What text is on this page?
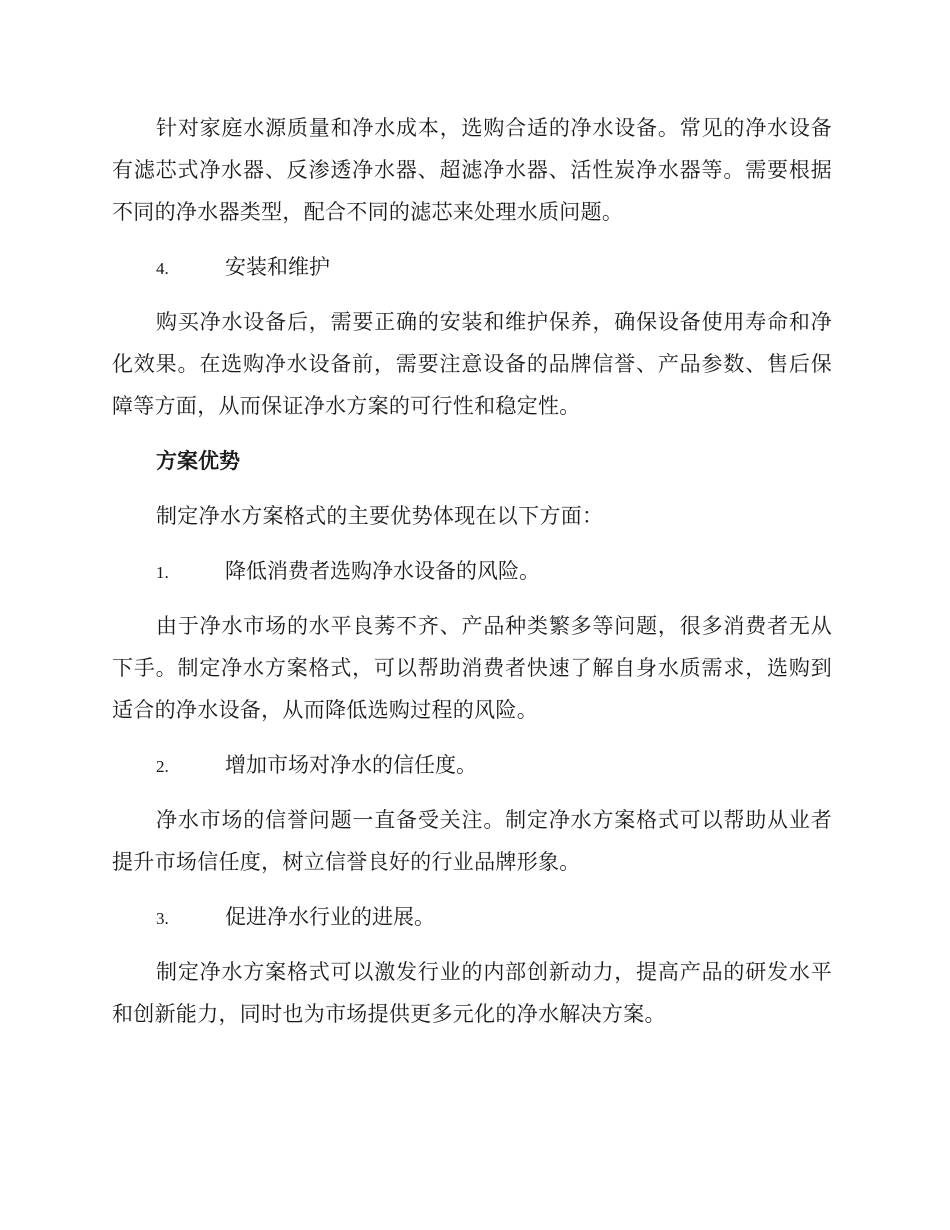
针对家庭水源质量和净水成本，选购合适的净水设备。常见的净水设备有滤芯式净水器、反渗透净水器、超滤净水器、活性炭净水器等。需要根据不同的净水器类型，配合不同的滤芯来处理水质问题。

4.	安装和维护

购买净水设备后，需要正确的安装和维护保养，确保设备使用寿命和净化效果。在选购净水设备前，需要注意设备的品牌信誉、产品参数、售后保障等方面，从而保证净水方案的可行性和稳定性。

方案优势

制定净水方案格式的主要优势体现在以下方面：

1.	降低消费者选购净水设备的风险。

由于净水市场的水平良莠不齐、产品种类繁多等问题，很多消费者无从下手。制定净水方案格式，可以帮助消费者快速了解自身水质需求，选购到适合的净水设备，从而降低选购过程的风险。

2.	增加市场对净水的信任度。

净水市场的信誉问题一直备受关注。制定净水方案格式可以帮助从业者提升市场信任度，树立信誉良好的行业品牌形象。

3.	促进净水行业的进展。

制定净水方案格式可以激发行业的内部创新动力，提高产品的研发水平和创新能力，同时也为市场提供更多元化的净水解决方案。
